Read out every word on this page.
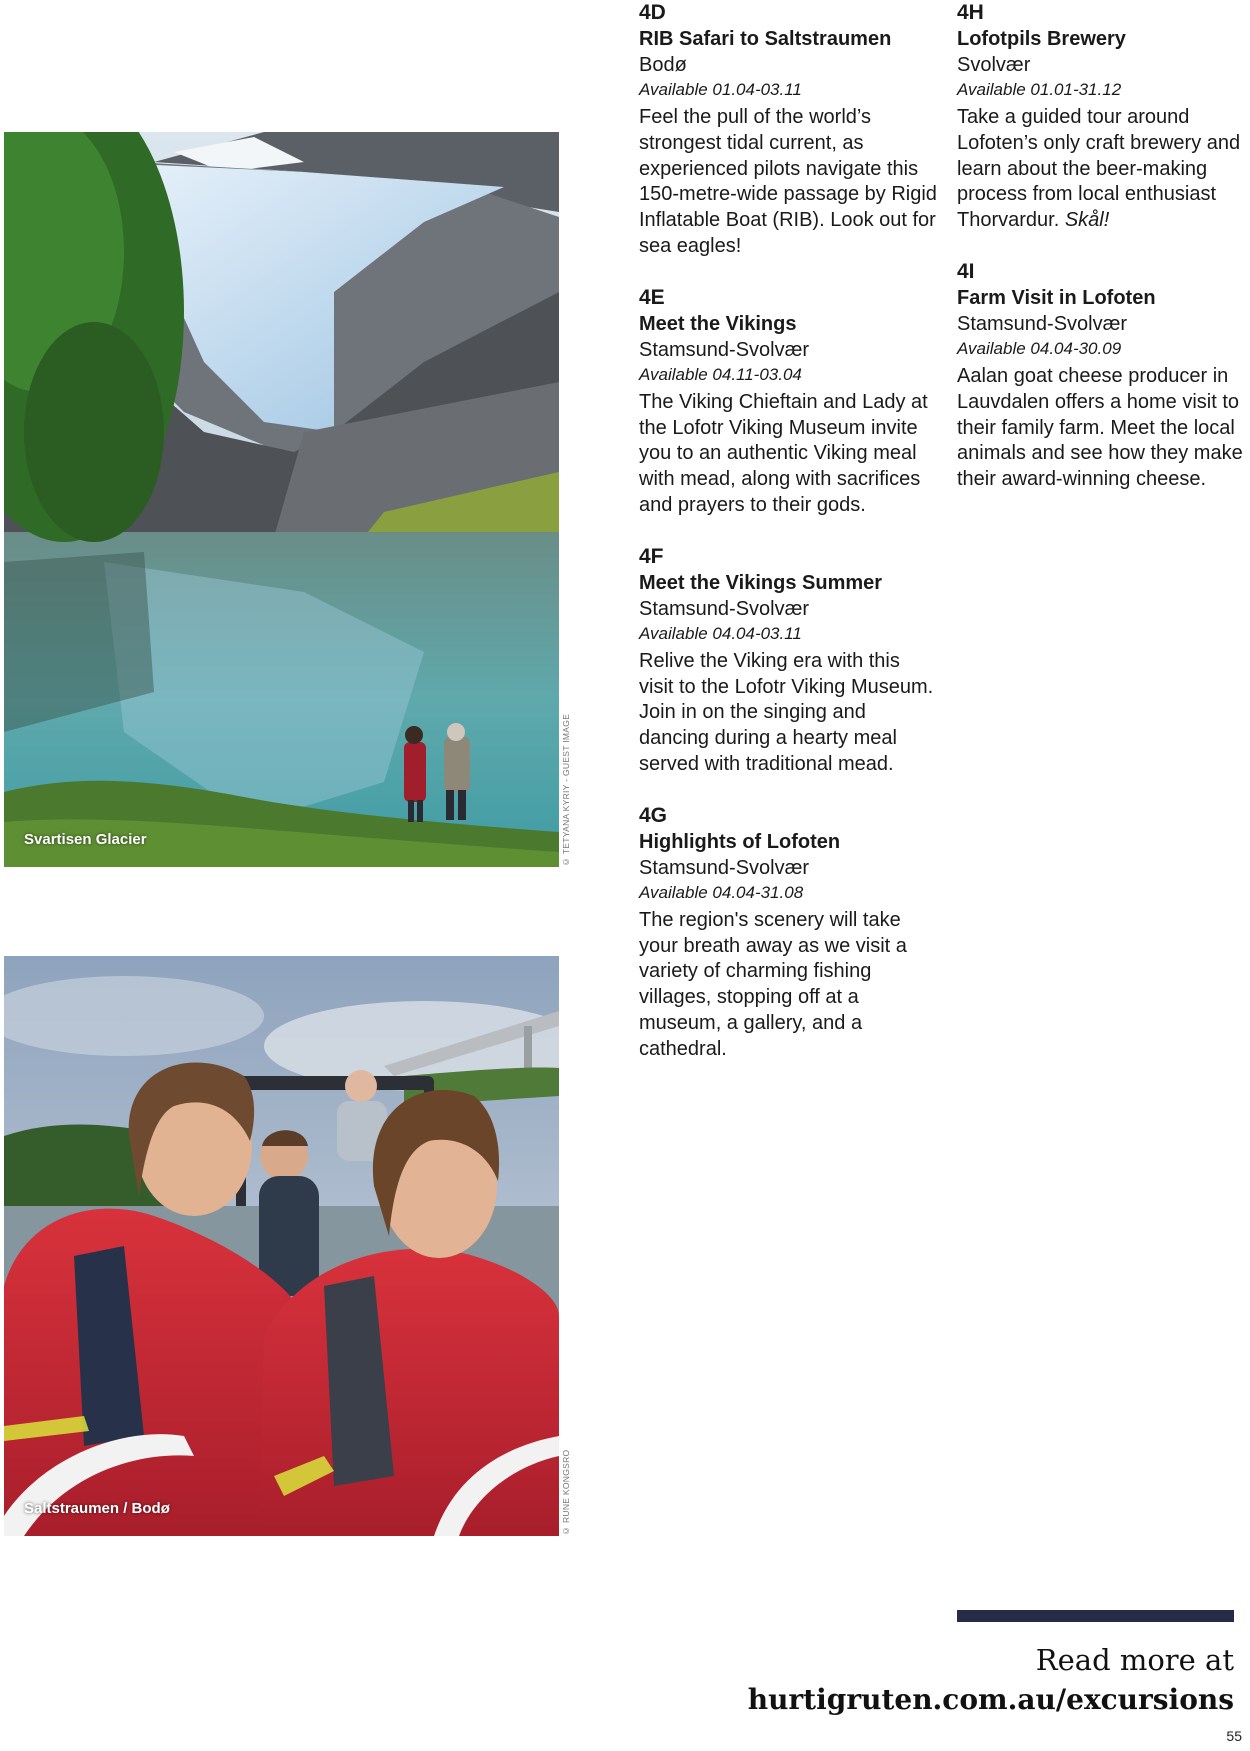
Svartisen Glacier	© TETYANA KYRIY - GUEST IMAGE
Saltstraumen / Bodø	© RUNE KONGSRO
4D
RIB Safari to Saltstraumen
Bodø
Available 01.04-03.11
Feel the pull of the world’s strongest tidal current, as experienced pilots navigate this 150-metre-wide passage by Rigid Inflatable Boat (RIB). Look out for sea eagles!
4E
Meet the Vikings
Stamsund-Svolvær
Available 04.11-03.04
The Viking Chieftain and Lady at the Lofotr Viking Museum invite you to an authentic Viking meal with mead, along with sacrifices and prayers to their gods.
4F
Meet the Vikings Summer
Stamsund-Svolvær
Available 04.04-03.11
Relive the Viking era with this visit to the Lofotr Viking Museum. Join in on the singing and dancing during a hearty meal served with traditional mead.
4G
Highlights of Lofoten
Stamsund-Svolvær
Available 04.04-31.08
The region's scenery will take your breath away as we visit a variety of charming fishing villages, stopping off at a museum, a gallery, and a cathedral.
4H
Lofotpils Brewery
Svolvær
Available 01.01-31.12
Take a guided tour around Lofoten’s only craft brewery and learn about the beer-making process from local enthusiast Thorvardur. Skål!
4I
Farm Visit in Lofoten
Stamsund-Svolvær
Available 04.04-30.09
Aalan goat cheese producer in Lauvdalen offers a home visit to their family farm. Meet the local animals and see how they make their award-winning cheese.
Read more at
hurtigruten.com.au/excursions
55
